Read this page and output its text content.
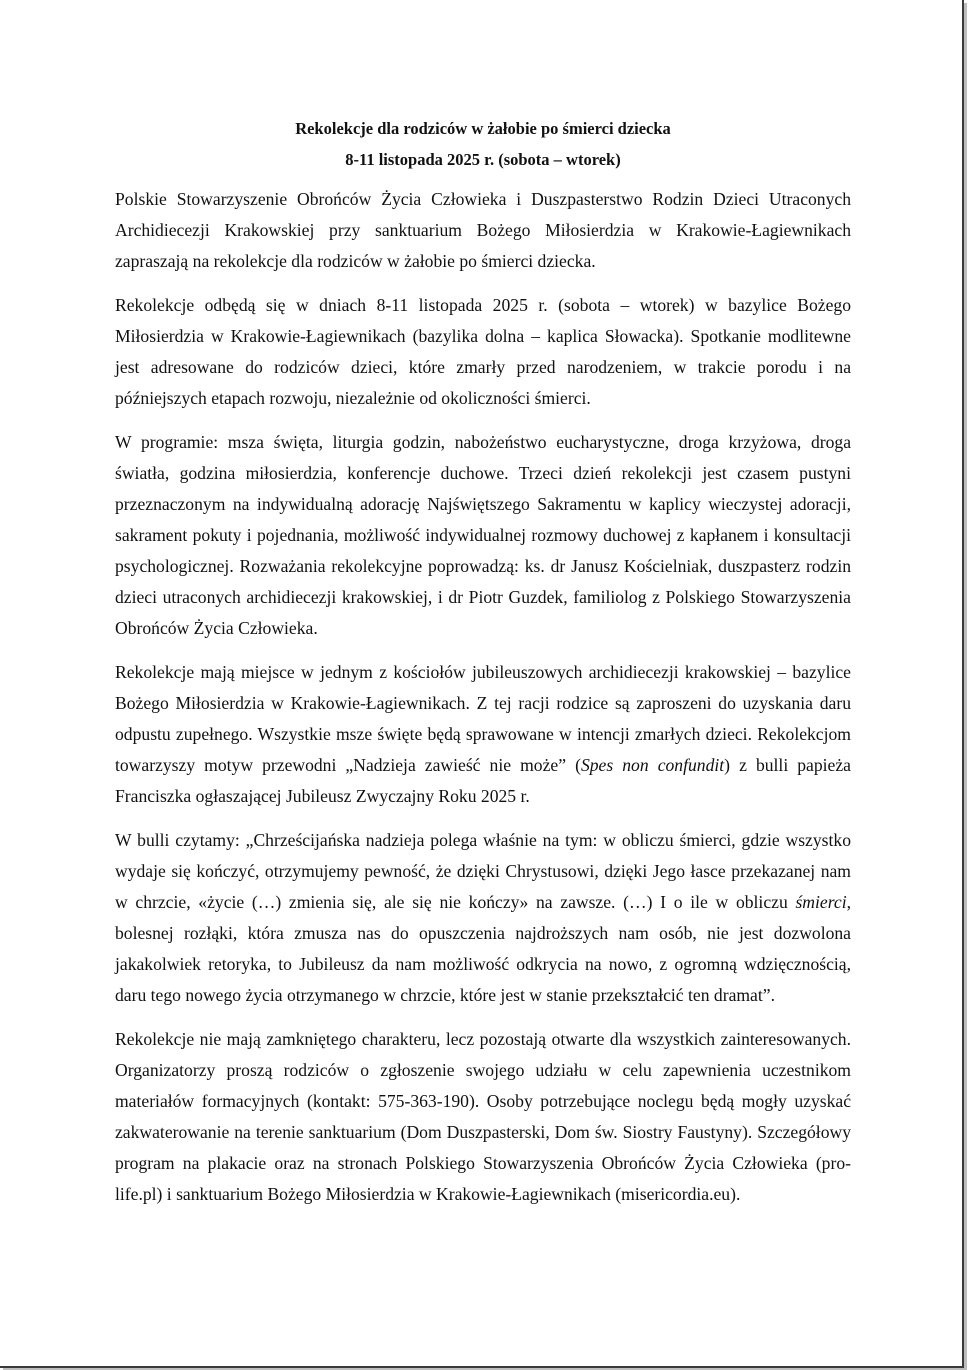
Rekolekcje dla rodziców w żałobie po śmierci dziecka
8-11 listopada 2025 r. (sobota – wtorek)

Polskie Stowarzyszenie Obrońców Życia Człowieka i Duszpasterstwo Rodzin Dzieci Utraconych Archidiecezji Krakowskiej przy sanktuarium Bożego Miłosierdzia w Krakowie-Łagiewnikach zapraszają na rekolekcje dla rodziców w żałobie po śmierci dziecka.

Rekolekcje odbędą się w dniach 8-11 listopada 2025 r. (sobota – wtorek) w bazylice Bożego Miłosierdzia w Krakowie-Łagiewnikach (bazylika dolna – kaplica Słowacka). Spotkanie modlitewne jest adresowane do rodziców dzieci, które zmarły przed narodzeniem, w trakcie porodu i na późniejszych etapach rozwoju, niezależnie od okoliczności śmierci.

W programie: msza święta, liturgia godzin, nabożeństwo eucharystyczne, droga krzyżowa, droga światła, godzina miłosierdzia, konferencje duchowe. Trzeci dzień rekolekcji jest czasem pustyni przeznaczonym na indywidualną adorację Najświętszego Sakramentu w kaplicy wieczystej adoracji, sakrament pokuty i pojednania, możliwość indywidualnej rozmowy duchowej z kapłanem i konsultacji psychologicznej. Rozważania rekolekcyjne poprowadzą: ks. dr Janusz Kościelniak, duszpasterz rodzin dzieci utraconych archidiecezji krakowskiej, i dr Piotr Guzdek, familiolog z Polskiego Stowarzyszenia Obrońców Życia Człowieka.

Rekolekcje mają miejsce w jednym z kościołów jubileuszowych archidiecezji krakowskiej – bazylice Bożego Miłosierdzia w Krakowie-Łagiewnikach. Z tej racji rodzice są zaproszeni do uzyskania daru odpustu zupełnego. Wszystkie msze święte będą sprawowane w intencji zmarłych dzieci. Rekolekcjom towarzyszy motyw przewodni „Nadzieja zawieść nie może” (Spes non confundit) z bulli papieża Franciszka ogłaszającej Jubileusz Zwyczajny Roku 2025 r.

W bulli czytamy: „Chrześcijańska nadzieja polega właśnie na tym: w obliczu śmierci, gdzie wszystko wydaje się kończyć, otrzymujemy pewność, że dzięki Chrystusowi, dzięki Jego łasce przekazanej nam w chrzcie, «życie (…) zmienia się, ale się nie kończy» na zawsze. (…) I o ile w obliczu śmierci, bolesnej rozłąki, która zmusza nas do opuszczenia najdroższych nam osób, nie jest dozwolona jakakolwiek retoryka, to Jubileusz da nam możliwość odkrycia na nowo, z ogromną wdzięcznością, daru tego nowego życia otrzymanego w chrzcie, które jest w stanie przekształcić ten dramat”.

Rekolekcje nie mają zamkniętego charakteru, lecz pozostają otwarte dla wszystkich zainteresowanych. Organizatorzy proszą rodziców o zgłoszenie swojego udziału w celu zapewnienia uczestnikom materiałów formacyjnych (kontakt: 575-363-190). Osoby potrzebujące noclegu będą mogły uzyskać zakwaterowanie na terenie sanktuarium (Dom Duszpasterski, Dom św. Siostry Faustyny). Szczegółowy program na plakacie oraz na stronach Polskiego Stowarzyszenia Obrońców Życia Człowieka (pro-life.pl) i sanktuarium Bożego Miłosierdzia w Krakowie-Łagiewnikach (misericordia.eu).
